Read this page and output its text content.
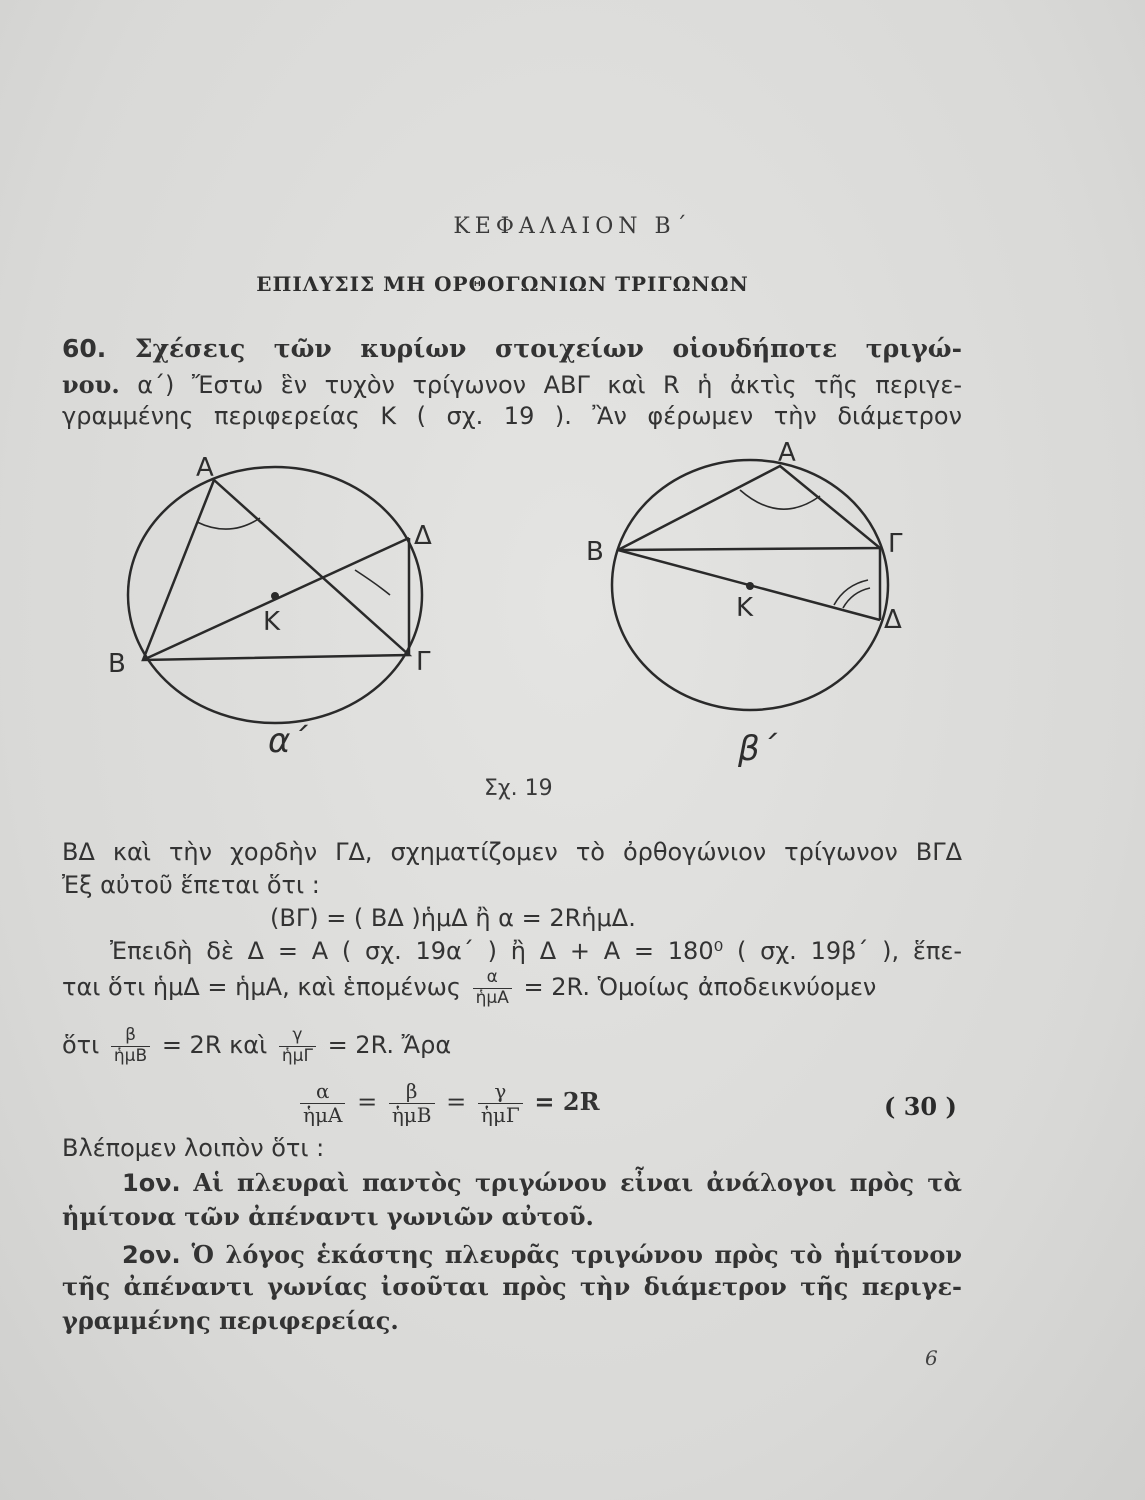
ΚΕΦΑΛΑΙΟΝ Β΄
ΕΠΙΛΥΣΙΣ ΜΗ ΟΡΘΟΓΩΝΙΩΝ ΤΡΙΓΩΝΩΝ
60. Σχέσεις τῶν κυρίων στοιχείων οἱουδήποτε τριγώ-
νου. α΄) Ἔστω ἓν τυχὸν τρίγωνον ΑΒΓ καὶ R ἡ ἀκτὶς τῆς περιγε-
γραμμένης περιφερείας Κ ( σχ. 19 ). Ἂν φέρωμεν τὴν διάμετρον
Α
Β	Γ
Δ
Κ
Α
Β	Γ
Δ
Κ
α΄	β΄
Σχ. 19
ΒΔ καὶ τὴν χορδὴν ΓΔ, σχηματίζομεν τὸ ὀρθογώνιον τρίγωνον ΒΓΔ
Ἐξ αὐτοῦ ἕπεται ὅτι :
(ΒΓ) = ( ΒΔ )ἡμΔ ἢ α = 2RἡμΔ.
Ἐπειδὴ δὲ Δ = Α ( σχ. 19α΄ ) ἢ Δ + Α = 180⁰ ( σχ. 19β΄ ), ἕπε-
ται ὅτι ἡμΔ = ἡμΑ, καὶ ἑπομένως $\frac{\alpha}{\text{ἡμΑ}} = 2R$. Ὁμοίως ἀποδεικνύομεν
ὅτι $\frac{\beta}{\text{ἡμΒ}} = 2R$ καὶ $\frac{\gamma}{\text{ἡμΓ}} = 2R$. Ἄρα
$\frac{\alpha}{\text{ἡμΑ}} = \frac{\beta}{\text{ἡμΒ}} = \frac{\gamma}{\text{ἡμΓ}} = 2R$	( 30 )
Βλέπομεν λοιπὸν ὅτι :
1ον. Αἱ πλευραὶ παντὸς τριγώνου εἶναι ἀνάλογοι πρὸς τὰ
ἡμίτονα τῶν ἀπέναντι γωνιῶν αὐτοῦ.
2ον. Ὁ λόγος ἑκάστης πλευρᾶς τριγώνου πρὸς τὸ ἡμίτονον
τῆς ἀπέναντι γωνίας ἰσοῦται πρὸς τὴν διάμετρον τῆς περιγε-
γραμμένης περιφερείας.
6
